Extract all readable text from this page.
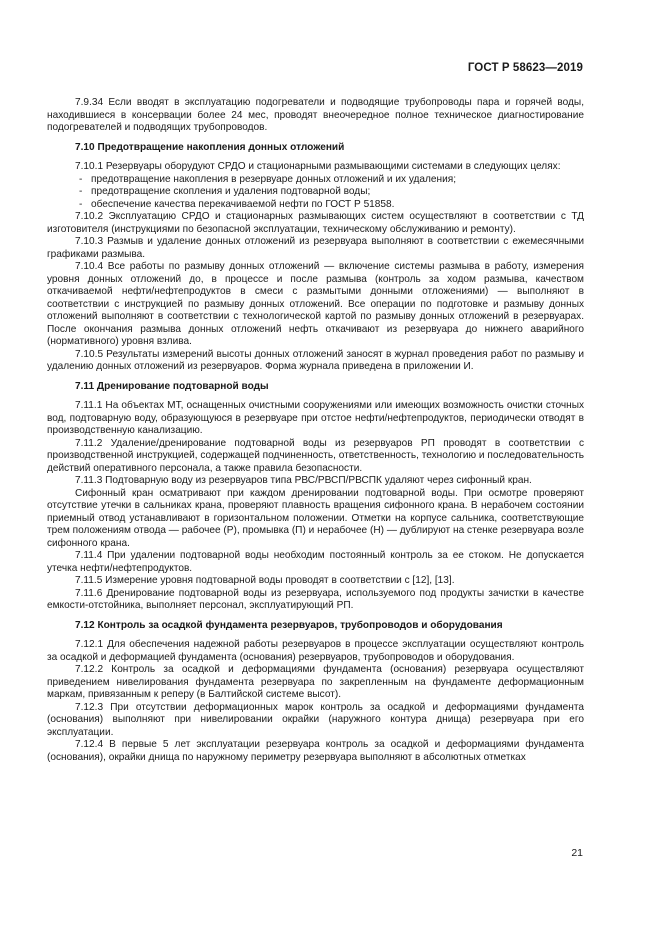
ГОСТ Р 58623—2019

7.9.34 Если вводят в эксплуатацию подогреватели и подводящие трубопроводы пара и горячей воды, находившиеся в консервации более 24 мес, проводят внеочередное полное техническое диагностирование подогревателей и подводящих трубопроводов.

7.10 Предотвращение накопления донных отложений

7.10.1 Резервуары оборудуют СРДО и стационарными размывающими системами в следующих целях:

- предотвращение накопления в резервуаре донных отложений и их удаления;
- предотвращение скопления и удаления подтоварной воды;
- обеспечение качества перекачиваемой нефти по ГОСТ Р 51858.

7.10.2 Эксплуатацию СРДО и стационарных размывающих систем осуществляют в соответствии с ТД изготовителя (инструкциями по безопасной эксплуатации, техническому обслуживанию и ремонту).

7.10.3 Размыв и удаление донных отложений из резервуара выполняют в соответствии с ежемесячными графиками размыва.

7.10.4 Все работы по размыву донных отложений — включение системы размыва в работу, измерения уровня донных отложений до, в процессе и после размыва (контроль за ходом размыва, качеством откачиваемой нефти/нефтепродуктов в смеси с размытыми донными отложениями) — выполняют в соответствии с инструкцией по размыву донных отложений. Все операции по подготовке и размыву донных отложений выполняют в соответствии с технологической картой по размыву донных отложений в резервуарах. После окончания размыва донных отложений нефть откачивают из резервуара до нижнего аварийного (нормативного) уровня взлива.

7.10.5 Результаты измерений высоты донных отложений заносят в журнал проведения работ по размыву и удалению донных отложений из резервуаров. Форма журнала приведена в приложении И.

7.11 Дренирование подтоварной воды

7.11.1 На объектах МТ, оснащенных очистными сооружениями или имеющих возможность очистки сточных вод, подтоварную воду, образующуюся в резервуаре при отстое нефти/нефтепродуктов, периодически отводят в производственную канализацию.

7.11.2 Удаление/дренирование подтоварной воды из резервуаров РП проводят в соответствии с производственной инструкцией, содержащей подчиненность, ответственность, технологию и последовательность действий оперативного персонала, а также правила безопасности.

7.11.3 Подтоварную воду из резервуаров типа РВС/РВСП/РВСПК удаляют через сифонный кран.

Сифонный кран осматривают при каждом дренировании подтоварной воды. При осмотре проверяют отсутствие утечки в сальниках крана, проверяют плавность вращения сифонного крана. В нерабочем состоянии приемный отвод устанавливают в горизонтальном положении. Отметки на корпусе сальника, соответствующие трем положениям отвода — рабочее (Р), промывка (П) и нерабочее (Н) — дублируют на стенке резервуара возле сифонного крана.

7.11.4 При удалении подтоварной воды необходим постоянный контроль за ее стоком. Не допускается утечка нефти/нефтепродуктов.

7.11.5 Измерение уровня подтоварной воды проводят в соответствии с [12], [13].

7.11.6 Дренирование подтоварной воды из резервуара, используемого под продукты зачистки в качестве емкости-отстойника, выполняет персонал, эксплуатирующий РП.

7.12 Контроль за осадкой фундамента резервуаров, трубопроводов и оборудования

7.12.1 Для обеспечения надежной работы резервуаров в процессе эксплуатации осуществляют контроль за осадкой и деформацией фундамента (основания) резервуаров, трубопроводов и оборудования.

7.12.2 Контроль за осадкой и деформациями фундамента (основания) резервуара осуществляют приведением нивелирования фундамента резервуара по закрепленным на фундаменте деформационным маркам, привязанным к реперу (в Балтийской системе высот).

7.12.3 При отсутствии деформационных марок контроль за осадкой и деформациями фундамента (основания) выполняют при нивелировании окрайки (наружного контура днища) резервуара при его эксплуатации.

7.12.4 В первые 5 лет эксплуатации резервуара контроль за осадкой и деформациями фундамента (основания), окрайки днища по наружному периметру резервуара выполняют в абсолютных отметках

21
